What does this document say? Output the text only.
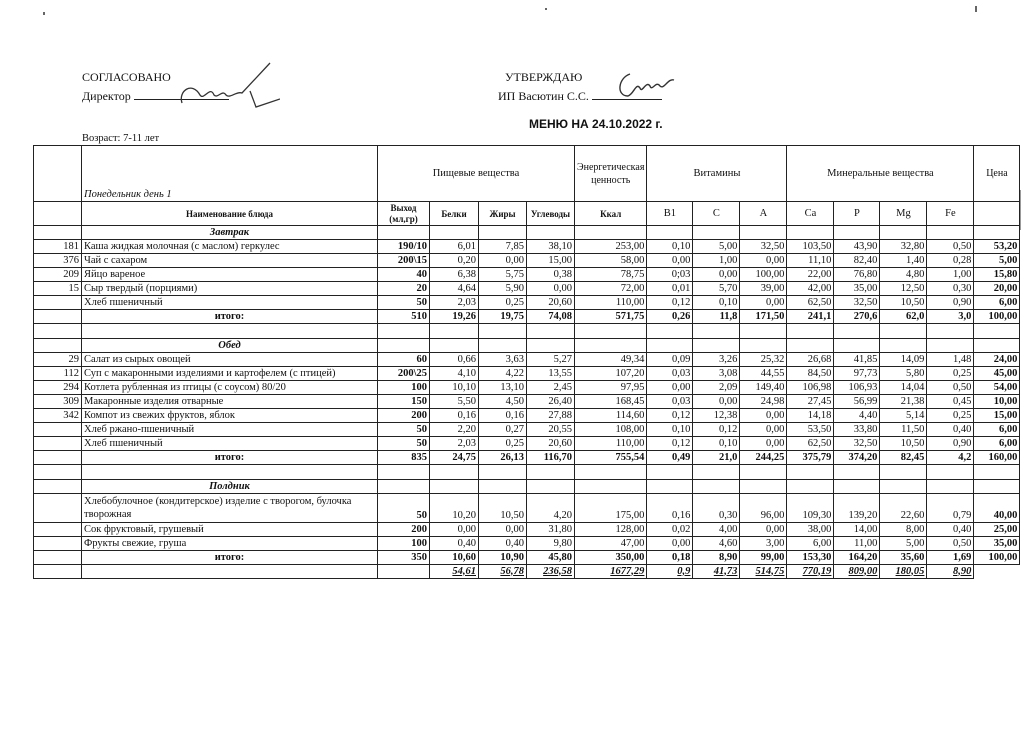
СОГЛАСОВАНО
Директор
УТВЕРЖДАЮ
ИП Васютин С.С.
МЕНЮ НА 24.10.2022 г.
Возраст: 7-11 лет
	Понедельник день 1	Пищевые вещества				Энергетическая ценность	Витамины			Минеральные вещества				Цена
	Наименование блюда	Выход (мл,гр)	Белки	Жиры	Углеводы	Ккал	B1	C	A	Ca	P	Mg	Fe	
	Завтрак													
181	Каша жидкая молочная (с маслом) геркулес	190/10	6,01	7,85	38,10	253,00	0,10	5,00	32,50	103,50	43,90	32,80	0,50	53,20
376	Чай с сахаром	200\15	0,20	0,00	15,00	58,00	0,00	1,00	0,00	11,10	82,40	1,40	0,28	5,00
209	Яйцо вареное	40	6,38	5,75	0,38	78,75	0;03	0,00	100,00	22,00	76,80	4,80	1,00	15,80
15	Сыр твердый (порциями)	20	4,64	5,90	0,00	72,00	0,01	5,70	39,00	42,00	35,00	12,50	0,30	20,00
	Хлеб пшеничный	50	2,03	0,25	20,60	110,00	0,12	0,10	0,00	62,50	32,50	10,50	0,90	6,00
	итого:	510	19,26	19,75	74,08	571,75	0,26	11,8	171,50	241,1	270,6	62,0	3,0	100,00

	Обед													
29	Салат из сырых овощей	60	0,66	3,63	5,27	49,34	0,09	3,26	25,32	26,68	41,85	14,09	1,48	24,00
112	Суп с макаронными изделиями и картофелем (с птицей)	200\25	4,10	4,22	13,55	107,20	0,03	3,08	44,55	84,50	97,73	5,80	0,25	45,00
294	Котлета рубленная из птицы (с соусом) 80/20	100	10,10	13,10	2,45	97,95	0,00	2,09	149,40	106,98	106,93	14,04	0,50	54,00
309	Макаронные изделия отварные	150	5,50	4,50	26,40	168,45	0,03	0,00	24,98	27,45	56,99	21,38	0,45	10,00
342	Компот из свежих фруктов, яблок	200	0,16	0,16	27,88	114,60	0,12	12,38	0,00	14,18	4,40	5,14	0,25	15,00
	Хлеб ржано-пшеничный	50	2,20	0,27	20,55	108,00	0,10	0,12	0,00	53,50	33,80	11,50	0,40	6,00
	Хлеб пшеничный	50	2,03	0,25	20,60	110,00	0,12	0,10	0,00	62,50	32,50	10,50	0,90	6,00
	итого:	835	24,75	26,13	116,70	755,54	0,49	21,0	244,25	375,79	374,20	82,45	4,2	160,00

	Полдник													
	Хлебобулочное (кондитерское) изделие с творогом, булочка творожная	50	10,20	10,50	4,20	175,00	0,16	0,30	96,00	109,30	139,20	22,60	0,79	40,00
	Сок фруктовый, грушевый	200	0,00	0,00	31,80	128,00	0,02	4,00	0,00	38,00	14,00	8,00	0,40	25,00
	Фрукты свежие, груша	100	0,40	0,40	9,80	47,00	0,00	4,60	3,00	6,00	11,00	5,00	0,50	35,00
	итого:	350	10,60	10,90	45,80	350,00	0,18	8,90	99,00	153,30	164,20	35,60	1,69	100,00
			54,61	56,78	236,58	1677,29	0,9	41,73	514,75	770,19	809,00	180,05	8,90	
